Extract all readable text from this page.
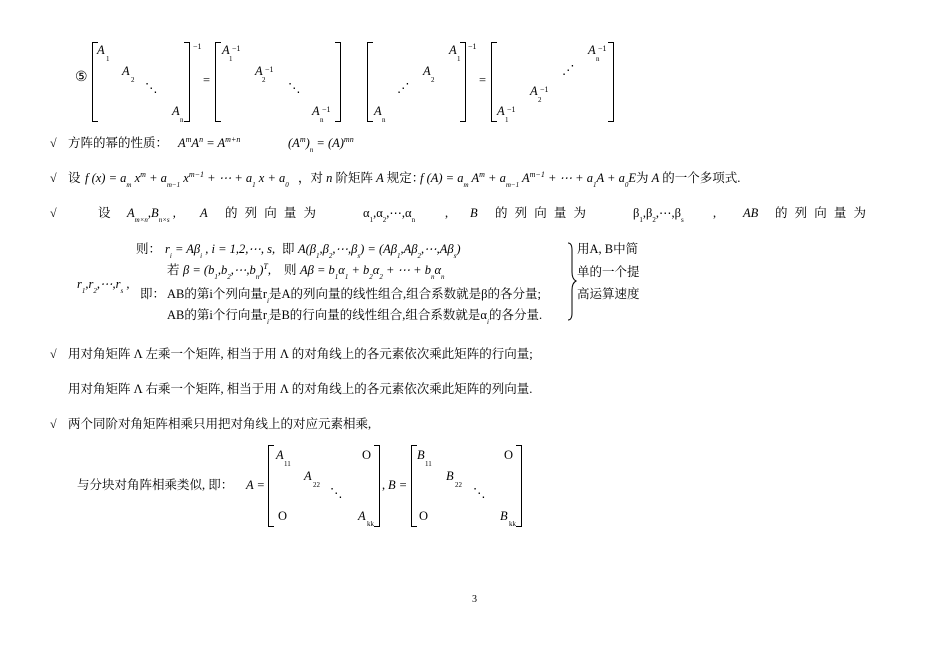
⑤
A
1
A
2
⋱
A
n
−1
=
A −1
1
A −1
2
⋱
A −1
n
A
1
A
2
⋰
A
n
−1
=
A −1
n
⋰
A −1
2
A −1
1
√ 方阵的幂的性质： $A^mA^n = A^{m+n}$	$(A^m)_n = (A)^{mn}$
√ 设 f $(x) = a_m$ $x^m + a_{m-1}$ $x^{m-1}$ + ⋯ + $a_1$ $x + a_0$ ，对 n 阶矩阵 A 规定：
f $(A) = a_m$ $A^m + a_{m-1}$ $A^{m-1}$ + ⋯ + $a_1A + a_0E$ 为 A 的一个多项式.
√	设 $A_{m\times n},B_{n\times s}$ , A 的 列 向 量 为	$\alpha_1,\alpha_2,\cdots,\alpha_n$ , B 的 列 向 量 为	$\beta_1,\beta_2,\cdots,\beta_s$ , AB 的 列 向 量 为
则： $r_i = A\beta_i$ , i = 1,2,⋯, s, 即 $A(\beta_1,\beta_2,\cdots,\beta_s)$ = $(A\beta_1,A\beta_2,\cdots,A\beta_s)$
若 $\beta = (b_1,b_2,\cdots,b_n)^T$, 则 $A\beta = b_1\alpha_1 + b_2\alpha_2$ + ⋯ + $b_n\alpha_n$
$r_1,r_2,\cdots,r_s$ ,
即： AB的第i个列向量$r_i$是A的列向量的线性组合,组合系数就是β的各分量;
AB的第i个行向量$r_i$是B的行向量的线性组合,组合系数就是$\alpha_i$的各分量.
用A, B中简
单的一个提
高运算速度
√ 用对角矩阵 Λ 左乘一个矩阵, 相当于用 Λ 的对角线上的各元素依次乘此矩阵的行向量;
用对角矩阵 Λ 右乘一个矩阵, 相当于用 Λ 的对角线上的各元素依次乘此矩阵的列向量.
√ 两个同阶对角矩阵相乘只用把对角线上的对应元素相乘,
与分块对角阵相乘类似, 即： A =
A
11
O
A
22
⋱
O	A
kk
, B =
B
11
O
B
22
⋱
O	B
kk
3
